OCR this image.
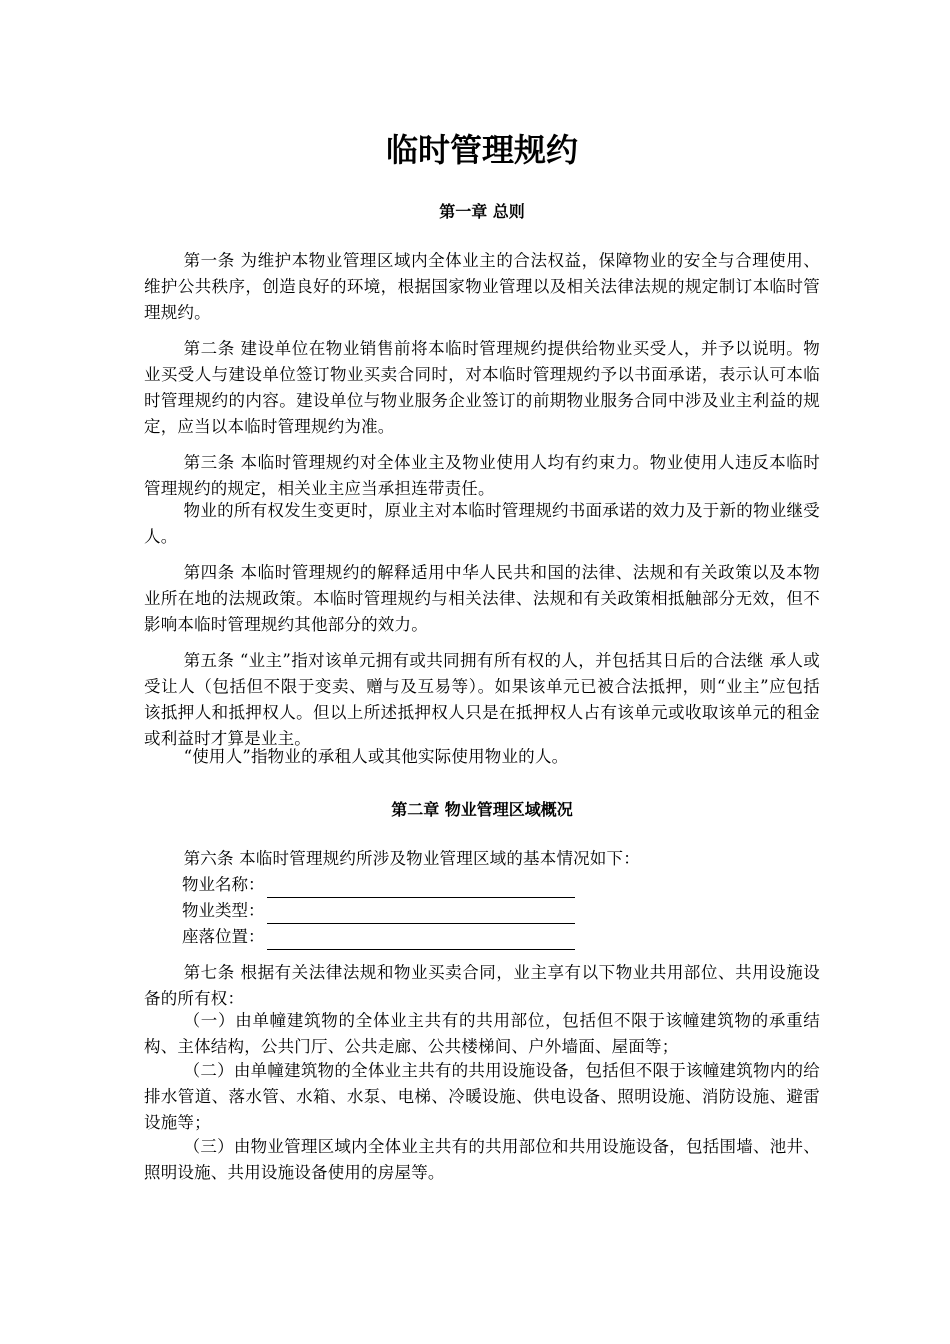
临时管理规约
第一章 总则

第一条 为维护本物业管理区域内全体业主的合法权益，保障物业的安全与合理使用、维护公共秩序，创造良好的环境，根据国家物业管理以及相关法律法规的规定制订本临时管理规约。

第二条 建设单位在物业销售前将本临时管理规约提供给物业买受人，并予以说明。物业买受人与建设单位签订物业买卖合同时，对本临时管理规约予以书面承诺，表示认可本临时管理规约的内容。建设单位与物业服务企业签订的前期物业服务合同中涉及业主利益的规定，应当以本临时管理规约为准。

第三条 本临时管理规约对全体业主及物业使用人均有约束力。物业使用人违反本临时管理规约的规定，相关业主应当承担连带责任。

物业的所有权发生变更时，原业主对本临时管理规约书面承诺的效力及于新的物业继受人。

第四条 本临时管理规约的解释适用中华人民共和国的法律、法规和有关政策以及本物业所在地的法规政策。本临时管理规约与相关法律、法规和有关政策相抵触部分无效，但不影响本临时管理规约其他部分的效力。

第五条 “业主”指对该单元拥有或共同拥有所有权的人，并包括其日后的合法继 承人或受让人（包括但不限于变卖、赠与及互易等）。如果该单元已被合法抵押，则“业主”应包括该抵押人和抵押权人。但以上所述抵押权人只是在抵押权人占有该单元或收取该单元的租金或利益时才算是业主。

“使用人”指物业的承租人或其他实际使用物业的人。

第二章 物业管理区域概况

第六条 本临时管理规约所涉及物业管理区域的基本情况如下：

物业名称：
物业类型：
座落位置：

第七条 根据有关法律法规和物业买卖合同，业主享有以下物业共用部位、共用设施设备的所有权：

（一）由单幢建筑物的全体业主共有的共用部位，包括但不限于该幢建筑物的承重结构、主体结构，公共门厅、公共走廊、公共楼梯间、户外墙面、屋面等；

（二）由单幢建筑物的全体业主共有的共用设施设备，包括但不限于该幢建筑物内的给排水管道、落水管、水箱、水泵、电梯、冷暖设施、供电设备、照明设施、消防设施、避雷设施等；

（三）由物业管理区域内全体业主共有的共用部位和共用设施设备，包括围墙、池井、照明设施、共用设施设备使用的房屋等。
